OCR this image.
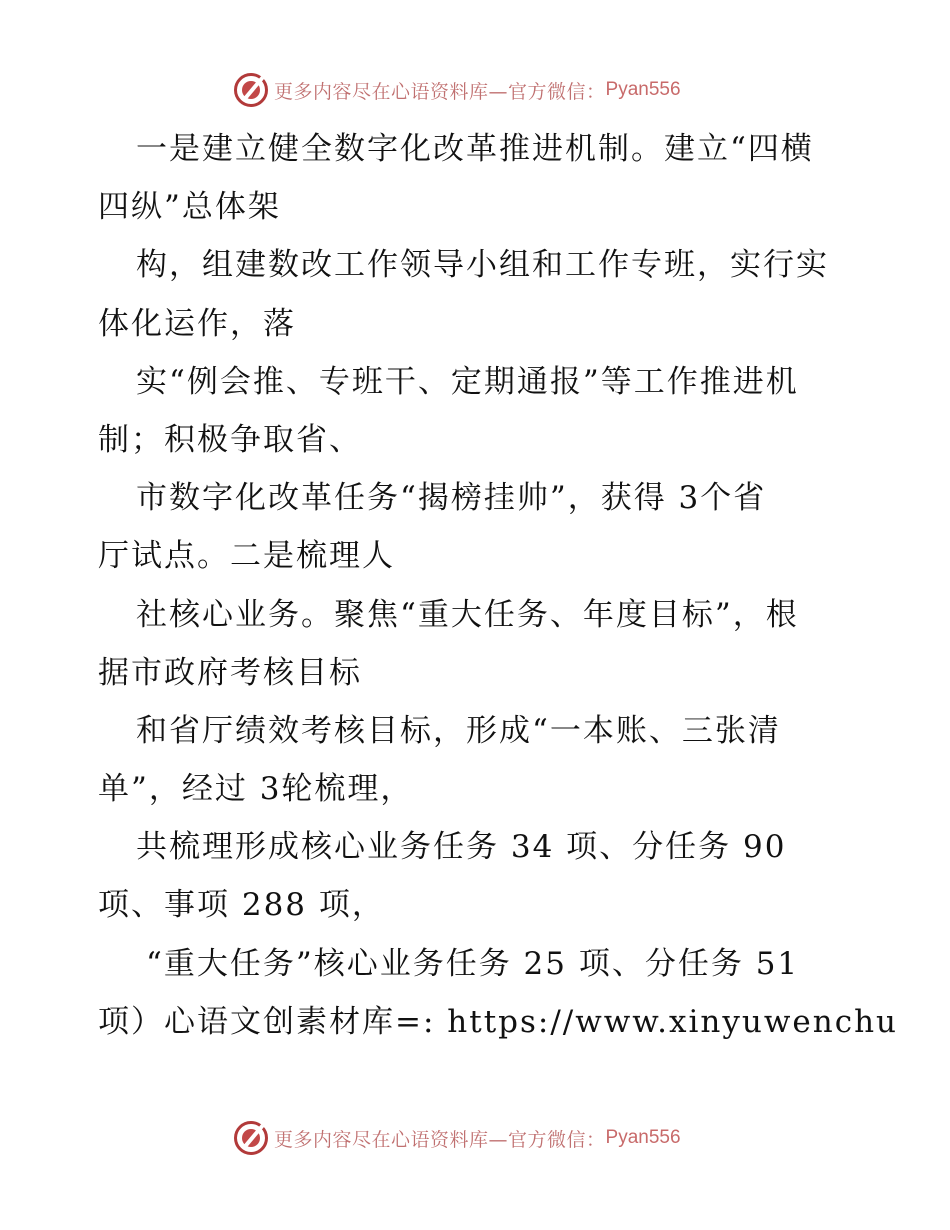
更多内容尽在心语资料库—官方微信： Pyan556
一是建立健全数字化改革推进机制。建立“四横
四纵”总体架
构，组建数改工作领导小组和工作专班，实行实
体化运作，落
实“例会推、专班干、定期通报”等工作推进机
制；积极争取省、
市数字化改革任务“揭榜挂帅”，获得 3个省
厅试点。二是梳理人
社核心业务。聚焦“重大任务、年度目标”，根
据市政府考核目标
和省厅绩效考核目标，形成“一本账、三张清
单”，经过 3轮梳理，
共梳理形成核心业务任务 34 项、分任务 90
项、事项 288 项，
“重大任务”核心业务任务 25 项、分任务 51
项）心语文创素材库=: https://www.xinyuwenchu
更多内容尽在心语资料库—官方微信： Pyan556
